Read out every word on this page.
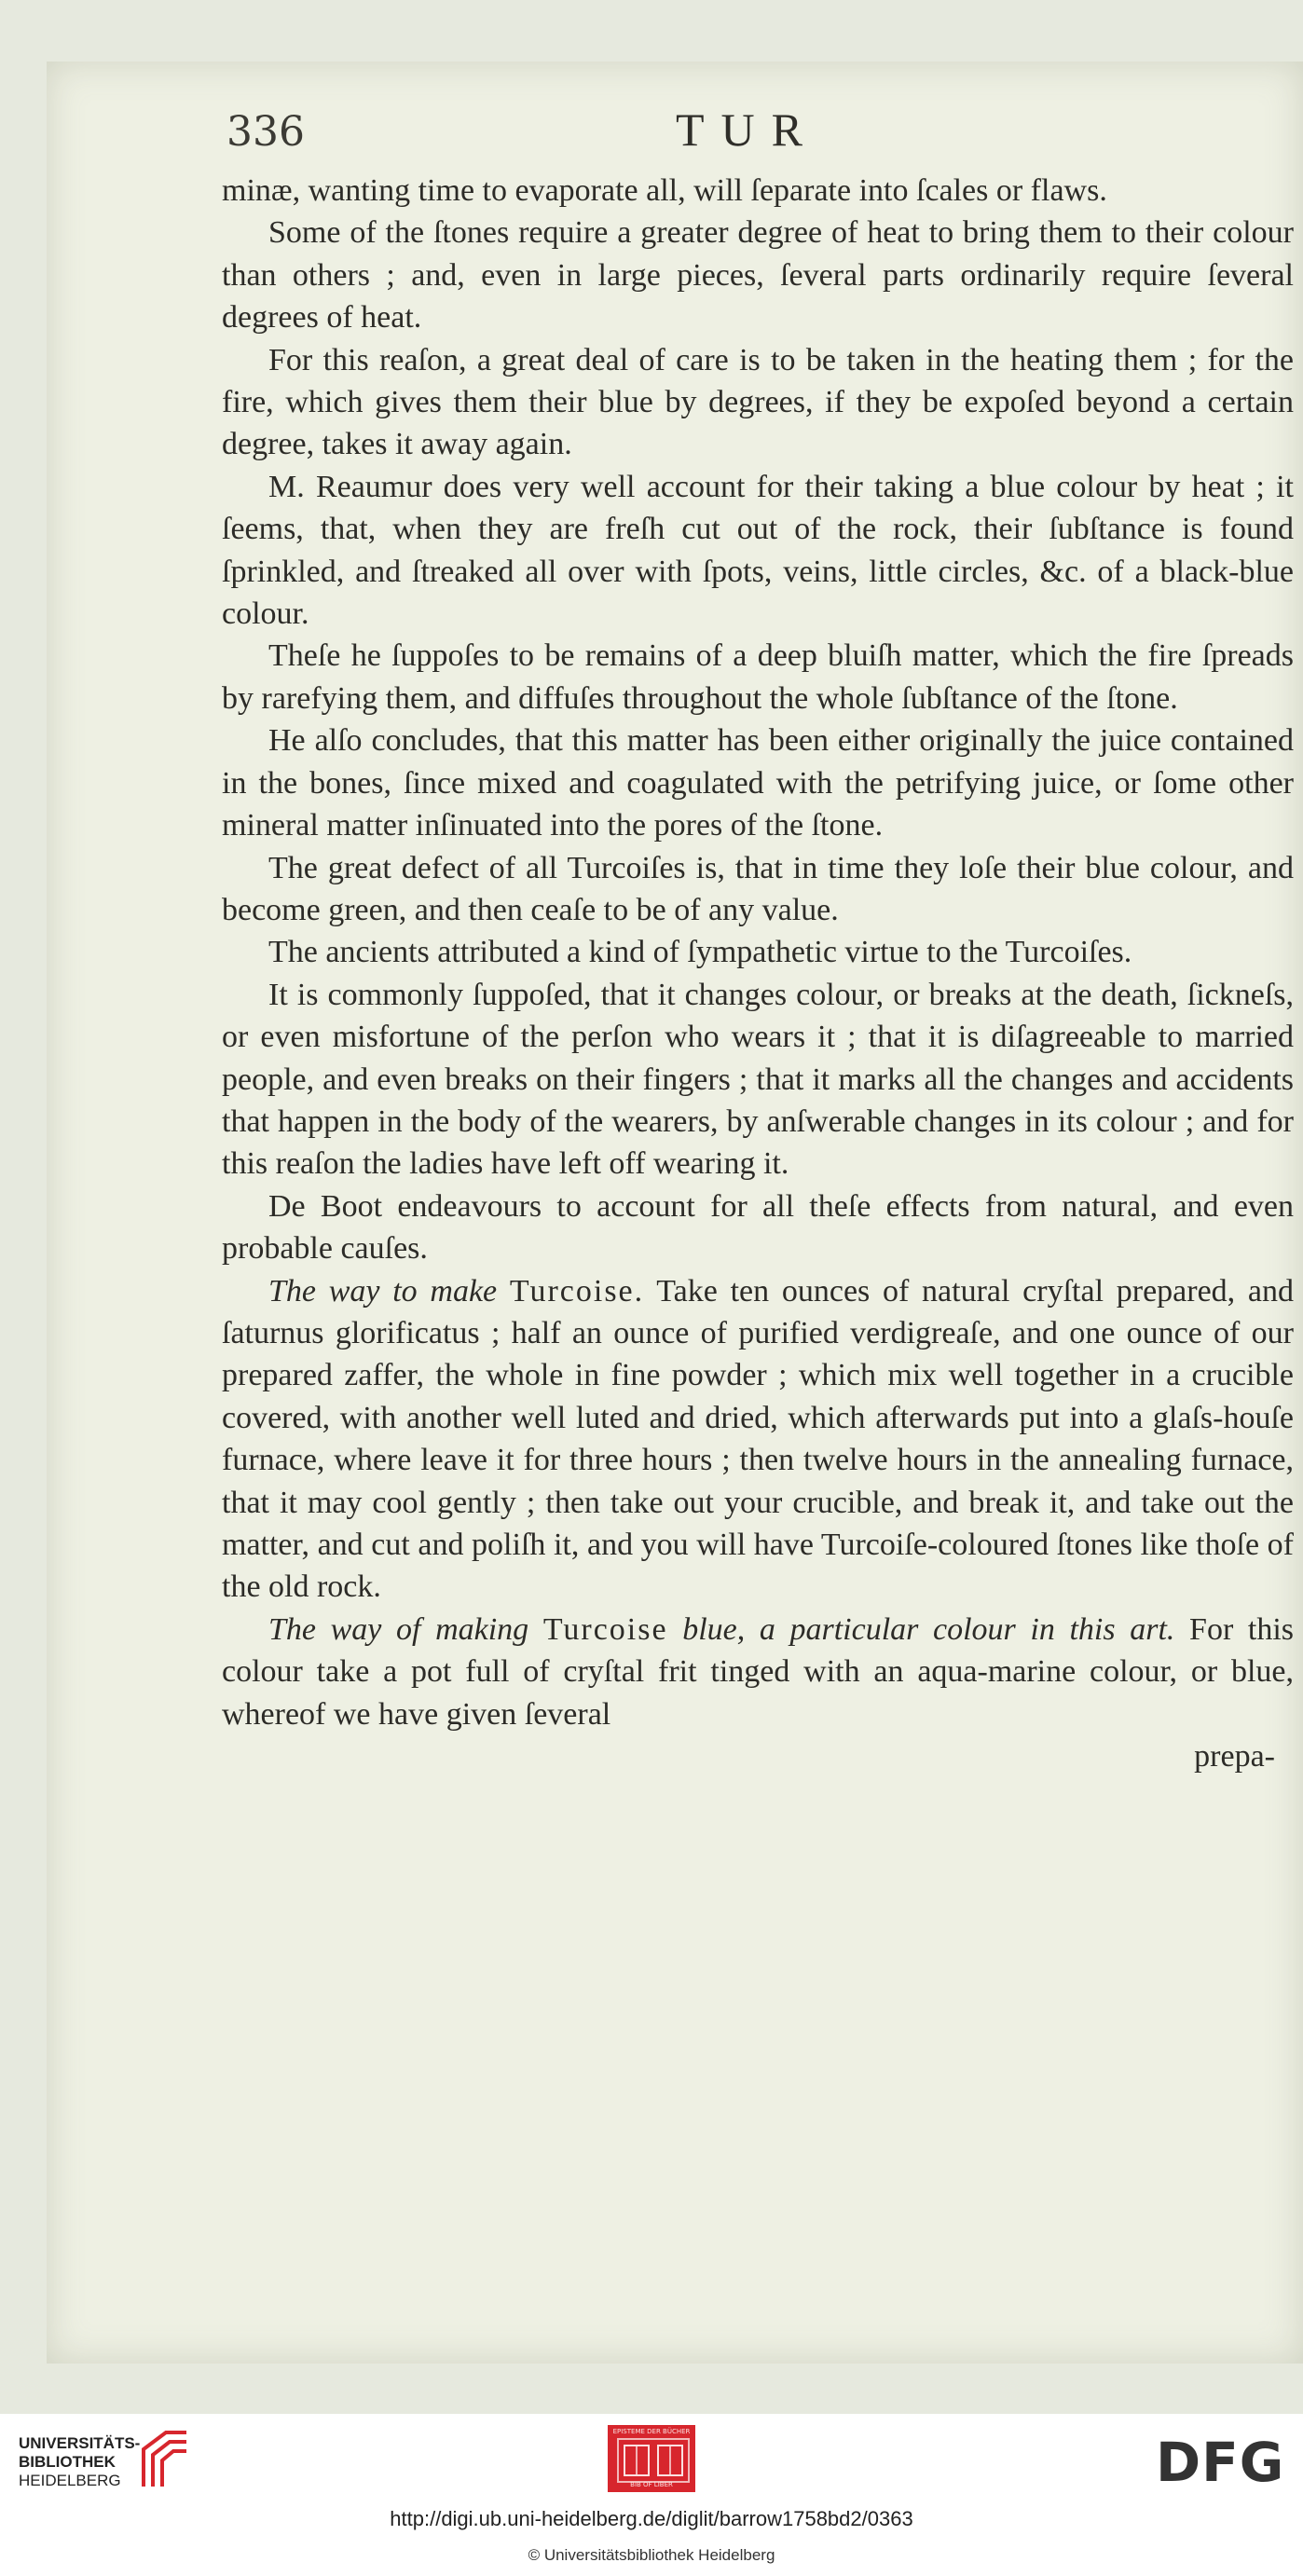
336	TUR

minæ, wanting time to evaporate all, will ſeparate into ſcales or flaws.

Some of the ſtones require a greater degree of heat to bring them to their colour than others ; and, even in large pieces, ſeveral parts ordinarily require ſeveral degrees of heat.

For this reaſon, a great deal of care is to be taken in the heating them ; for the fire, which gives them their blue by degrees, if they be expoſed beyond a certain degree, takes it away again.

M. Reaumur does very well account for their taking a blue colour by heat ; it ſeems, that, when they are freſh cut out of the rock, their ſubſtance is found ſprinkled, and ſtreaked all over with ſpots, veins, little circles, &c. of a black-blue colour.

Theſe he ſuppoſes to be remains of a deep bluiſh matter, which the fire ſpreads by rarefying them, and diffuſes throughout the whole ſubſtance of the ſtone.

He alſo concludes, that this matter has been either originally the juice contained in the bones, ſince mixed and coagulated with the petrifying juice, or ſome other mineral matter inſinuated into the pores of the ſtone.

The great defect of all Turcoiſes is, that in time they loſe their blue colour, and become green, and then ceaſe to be of any value.

The ancients attributed a kind of ſympathetic virtue to the Turcoiſes.

It is commonly ſuppoſed, that it changes colour, or breaks at the death, ſickneſs, or even misfortune of the perſon who wears it ; that it is diſagreeable to married people, and even breaks on their fingers ; that it marks all the changes and accidents that happen in the body of the wearers, by anſwerable changes in its colour ; and for this reaſon the ladies have left off wearing it.

De Boot endeavours to account for all theſe effects from natural, and even probable cauſes.

The way to make Turcoise. Take ten ounces of natural cryſtal prepared, and ſaturnus glorificatus ; half an ounce of purified verdigreaſe, and one ounce of our prepared zaffer, the whole in fine powder ; which mix well together in a crucible covered, with another well luted and dried, which afterwards put into a glaſs-houſe furnace, where leave it for three hours ; then twelve hours in the annealing furnace, that it may cool gently ; then take out your crucible, and break it, and take out the matter, and cut and poliſh it, and you will have Turcoiſe-coloured ſtones like thoſe of the old rock.

The way of making Turcoise blue, a particular colour in this art. For this colour take a pot full of cryſtal frit tinged with an aqua-marine colour, or blue, whereof we have given ſeveral

prepa-

UNIVERSITÄTS-
BIBLIOTHEK
HEIDELBERG
EPISTEME DER BÜCHER
BIB OF LIBER	DFG
http://digi.ub.uni-heidelberg.de/diglit/barrow1758bd2/0363
© Universitätsbibliothek Heidelberg
